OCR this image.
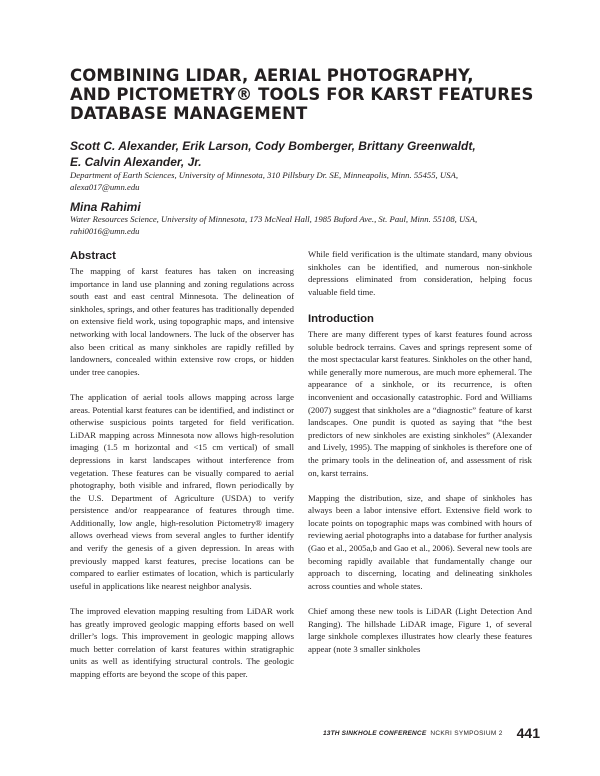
COMBINING LIDAR, AERIAL PHOTOGRAPHY,
AND PICTOMETRY® TOOLS FOR KARST FEATURES
DATABASE MANAGEMENT
Scott C. Alexander, Erik Larson, Cody Bomberger, Brittany Greenwaldt,
E. Calvin Alexander, Jr.
Department of Earth Sciences, University of Minnesota, 310 Pillsbury Dr. SE, Minneapolis, Minn. 55455, USA,
alexa017@umn.edu
Mina Rahimi
Water Resources Science, University of Minnesota, 173 McNeal Hall, 1985 Buford Ave., St. Paul, Minn. 55108, USA,
rahi0016@umn.edu
Abstract

The mapping of karst features has taken on increasing importance in land use planning and zoning regulations across south east and east central Minnesota. The delineation of sinkholes, springs, and other features has traditionally depended on extensive field work, using topographic maps, and intensive networking with local landowners. The luck of the observer has also been critical as many sinkholes are rapidly refilled by landowners, concealed within extensive row crops, or hidden under tree canopies.

The application of aerial tools allows mapping across large areas. Potential karst features can be identified, and indistinct or otherwise suspicious points targeted for field verification. LiDAR mapping across Minnesota now allows high-resolution imaging (1.5 m horizontal and <15 cm vertical) of small depressions in karst landscapes without interference from vegetation. These features can be visually compared to aerial photography, both visible and infrared, flown periodically by the U.S. Department of Agriculture (USDA) to verify persistence and/or reappearance of features through time. Additionally, low angle, high-resolution Pictometry® imagery allows overhead views from several angles to further identify and verify the genesis of a given depression. In areas with previously mapped karst features, precise locations can be compared to earlier estimates of location, which is particularly useful in applications like nearest neighbor analysis.

The improved elevation mapping resulting from LiDAR work has greatly improved geologic mapping efforts based on well driller’s logs. This improvement in geologic mapping allows much better correlation of karst features within stratigraphic units as well as identifying structural controls. The geologic mapping efforts are beyond the scope of this paper.

While field verification is the ultimate standard, many obvious sinkholes can be identified, and numerous non-sinkhole depressions eliminated from consideration, helping focus valuable field time.

Introduction

There are many different types of karst features found across soluble bedrock terrains. Caves and springs represent some of the most spectacular karst features. Sinkholes on the other hand, while generally more numerous, are much more ephemeral. The appearance of a sinkhole, or its recurrence, is often inconvenient and occasionally catastrophic. Ford and Williams (2007) suggest that sinkholes are a “diagnostic” feature of karst landscapes. One pundit is quoted as saying that “the best predictors of new sinkholes are existing sinkholes” (Alexander and Lively, 1995). The mapping of sinkholes is therefore one of the primary tools in the delineation of, and assessment of risk on, karst terrains.

Mapping the distribution, size, and shape of sinkholes has always been a labor intensive effort. Extensive field work to locate points on topographic maps was combined with hours of reviewing aerial photographs into a database for further analysis (Gao et al., 2005a,b and Gao et al., 2006). Several new tools are becoming rapidly available that fundamentally change our approach to discerning, locating and delineating sinkholes across counties and whole states.

Chief among these new tools is LiDAR (Light Detection And Ranging). The hillshade LiDAR image, Figure 1, of several large sinkhole complexes illustrates how clearly these features appear (note 3 smaller sinkholes

13TH SINKHOLE CONFERENCE NCKRI SYMPOSIUM 2 441
